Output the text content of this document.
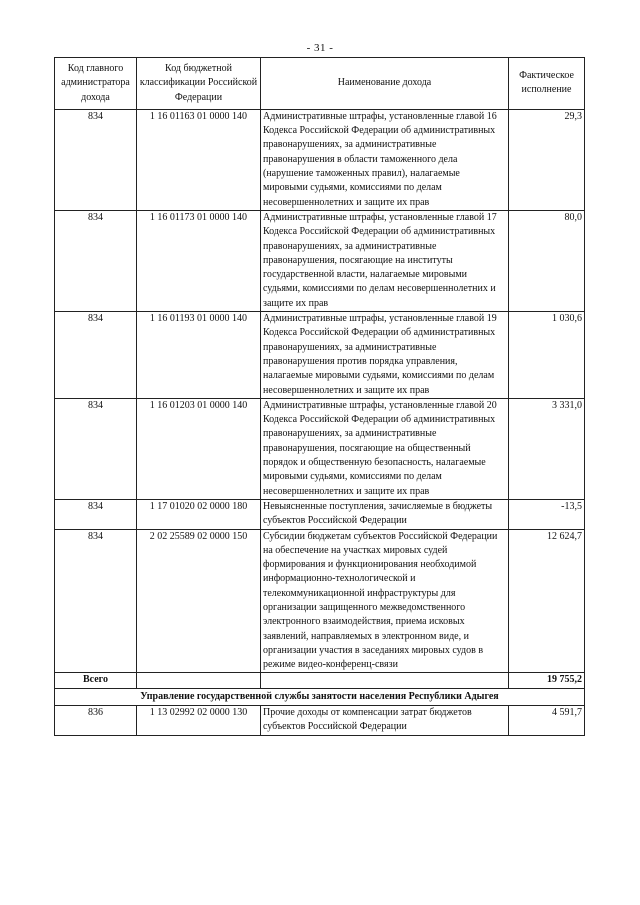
- 31 -
Код главного администратора дохода	Код бюджетной классификации Российской Федерации	Наименование дохода	Фактическое исполнение
834	1 16 01163 01 0000 140	Административные штрафы, установленные главой 16 Кодекса Российской Федерации об административных правонарушениях, за административные правонарушения в области таможенного дела (нарушение таможенных правил), налагаемые мировыми судьями, комиссиями по делам несовершеннолетних и защите их прав	29,3
834	1 16 01173 01 0000 140	Административные штрафы, установленные главой 17 Кодекса Российской Федерации об административных правонарушениях, за административные правонарушения, посягающие на институты государственной власти, налагаемые мировыми судьями, комиссиями по делам несовершеннолетних и защите их прав	80,0
834	1 16 01193 01 0000 140	Административные штрафы, установленные главой 19 Кодекса Российской Федерации об административных правонарушениях, за административные правонарушения против порядка управления, налагаемые мировыми судьями, комиссиями по делам несовершеннолетних и защите их прав	1 030,6
834	1 16 01203 01 0000 140	Административные штрафы, установленные главой 20 Кодекса Российской Федерации об административных правонарушениях, за административные правонарушения, посягающие на общественный порядок и общественную безопасность, налагаемые мировыми судьями, комиссиями по делам несовершеннолетних и защите их прав	3 331,0
834	1 17 01020 02 0000 180	Невыясненные поступления, зачисляемые в бюджеты субъектов Российской Федерации	-13,5
834	2 02 25589 02 0000 150	Субсидии бюджетам субъектов Российской Федерации на обеспечение на участках мировых судей формирования и функционирования необходимой информационно-технологической и телекоммуникационной инфраструктуры для организации защищенного межведомственного электронного взаимодействия, приема исковых заявлений, направляемых в электронном виде, и организации участия в заседаниях мировых судов в режиме видео-конференц-связи	12 624,7
Всего			19 755,2
Управление государственной службы занятости населения Республики Адыгея			
836	1 13 02992 02 0000 130	Прочие доходы от компенсации затрат бюджетов субъектов Российской Федерации	4 591,7
